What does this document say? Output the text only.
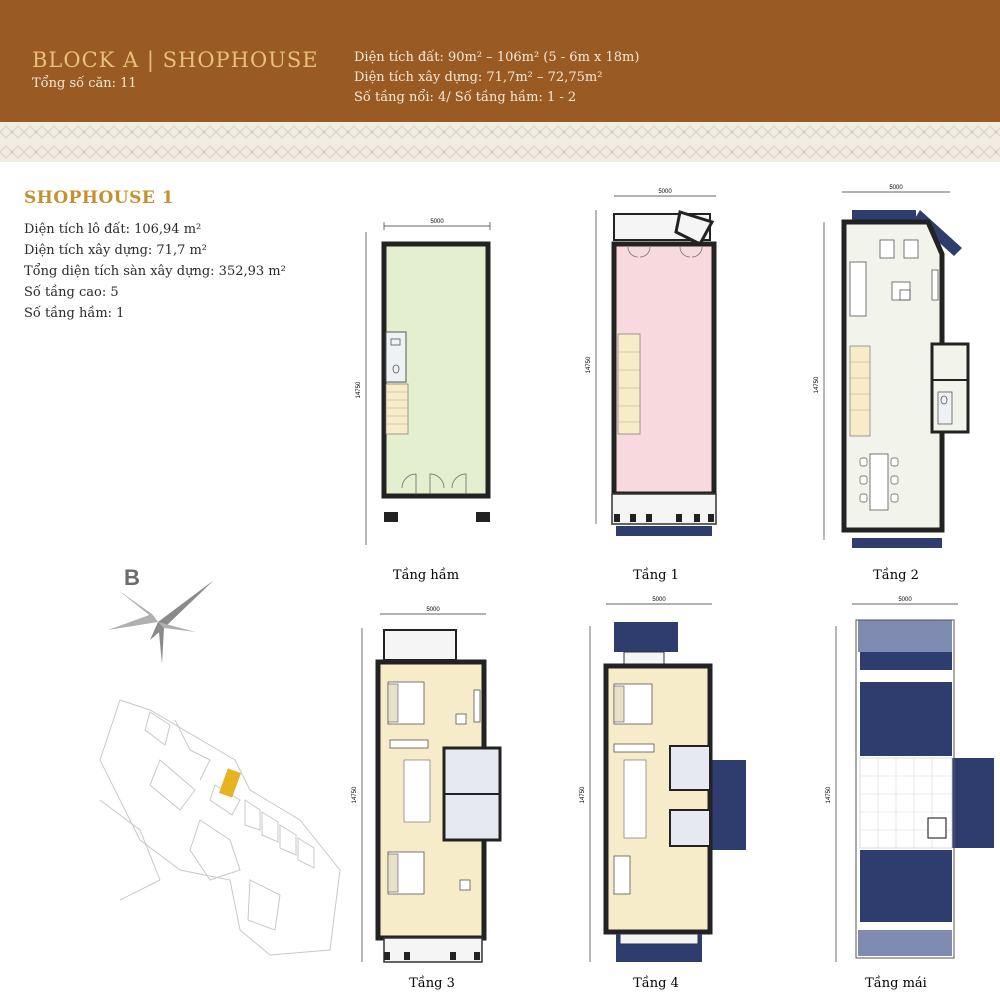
BLOCK A | SHOPHOUSE
Tổng số căn: 11
Diện tích đất: 90m² – 106m² (5 - 6m x 18m)
Diện tích xây dựng: 71,7m² – 72,75m²
Số tầng nổi: 4/ Số tầng hầm: 1 - 2
SHOPHOUSE 1
Diện tích lô đất: 106,94 m²
Diện tích xây dựng: 71,7 m²
Tổng diện tích sàn xây dựng: 352,93 m²
Số tầng cao: 5
Số tầng hầm: 1
B
5000
14750
Tầng hầm
5000
14750
Tầng 1
5000
14750
Tầng 2
5000
14750
Tầng 3
5000
14750
Tầng 4
5000
14750
Tầng mái
